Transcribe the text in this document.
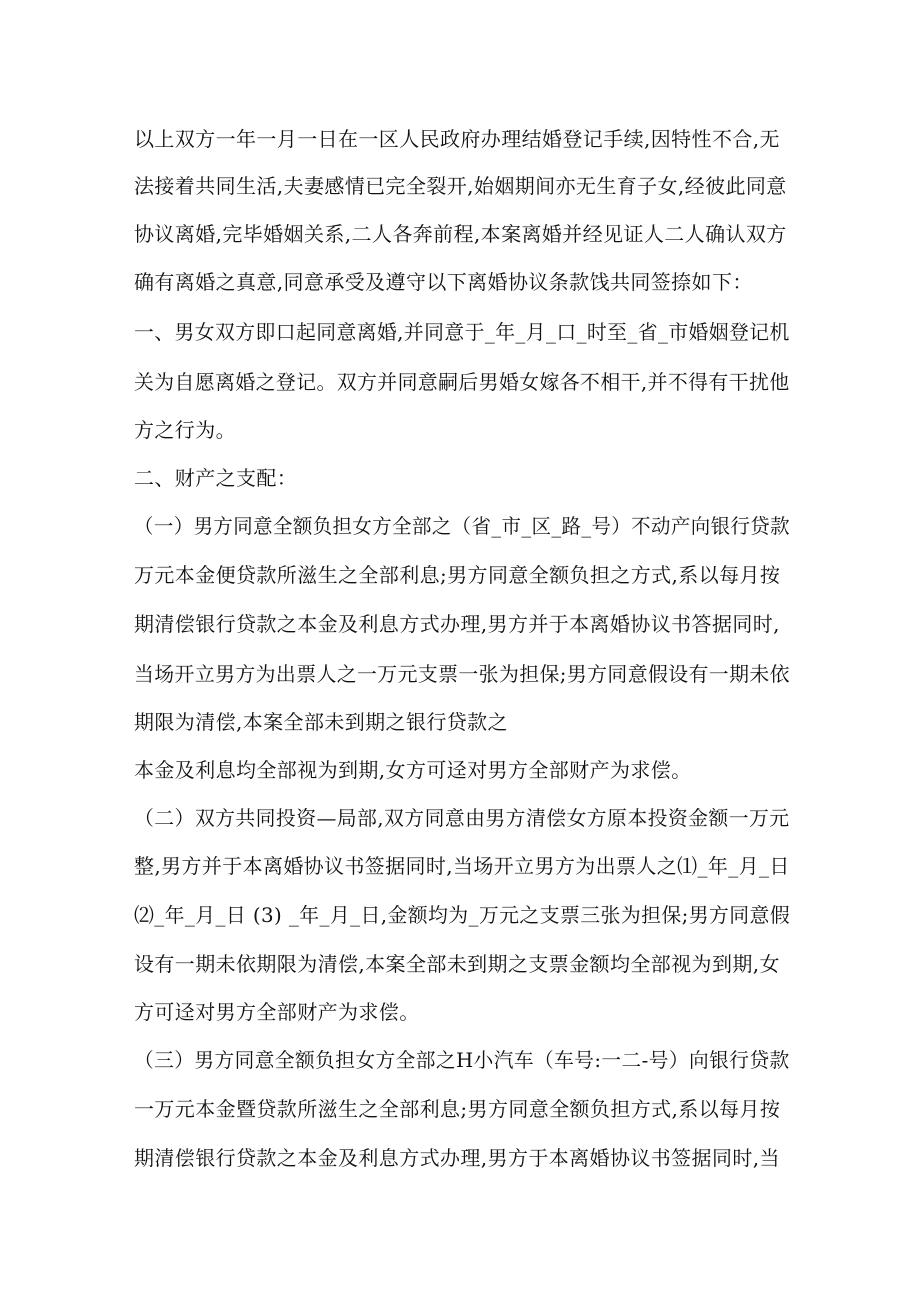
以上双方一年一月一日在一区人民政府办理结婚登记手续,因特性不合,无
法接着共同生活,夫妻感情已完全裂开,始姻期间亦无生育子女,经彼此同意
协议离婚,完毕婚姻关系,二人各奔前程,本案离婚并经见证人二人确认双方
确有离婚之真意,同意承受及遵守以下离婚协议条款饯共同签捺如下：
一、男女双方即口起同意离婚,并同意于_年_月_口_时至_省_市婚姻登记机
关为自愿离婚之登记。双方并同意嗣后男婚女嫁各不相干,并不得有干扰他
方之行为。
二、财产之支配：
（一）男方同意全额负担女方全部之（省_市_区_路_号）不动产向银行贷款
万元本金便贷款所滋生之全部利息;男方同意全额负担之方式,系以每月按
期清偿银行贷款之本金及利息方式办理,男方并于本离婚协议书答据同时,
当场开立男方为出票人之一万元支票一张为担保;男方同意假设有一期未依
期限为清偿,本案全部未到期之银行贷款之
本金及利息均全部视为到期,女方可迳对男方全部财产为求偿。
（二）双方共同投资—局部,双方同意由男方清偿女方原本投资金额一万元
整,男方并于本离婚协议书签据同时,当场开立男方为出票人之⑴_年_月_日
⑵_年_月_日 (3) _年_月_日,金额均为_万元之支票三张为担保;男方同意假
设有一期未依期限为清偿,本案全部未到期之支票金额均全部视为到期,女
方可迳对男方全部财产为求偿。
（三）男方同意全额负担女方全部之H小汽车（车号:一二-号）向银行贷款
一万元本金暨贷款所滋生之全部利息;男方同意全额负担方式,系以每月按
期清偿银行贷款之本金及利息方式办理,男方于本离婚协议书签据同时,当
